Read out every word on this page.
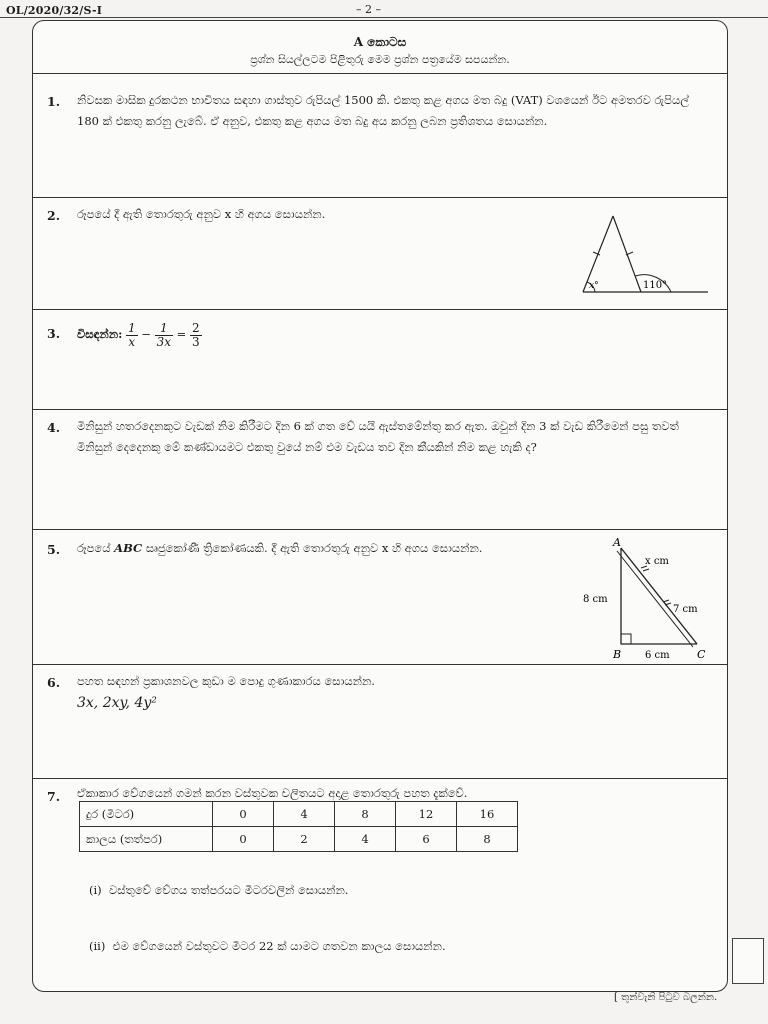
OL/2020/32/S-I	– 2 –
A කොටස
ප්‍රශ්න සියල්ලටම පිළිතුරු මෙම ප්‍රශ්න පත්‍රයේම සපයන්න.
1. නිවසක මාසික දුරකථන භාවිතය සඳහා ගාස්තුව රුපියල් 1500 කි. එකතු කළ අගය මත බදු (VAT) වශයෙන් ඊට අමතරව රුපියල් 180 ක් එකතු කරනු ලැබේ. ඒ අනුව, එකතු කළ අගය මත බදු අය කරනු ලබන ප්‍රතිශතය සොයන්න.
2. රූපයේ දී ඇති තොරතුරු අනුව x හි අගය සොයන්න.
x°	110°
3. විසඳන්න: $\frac{1}{x} - \frac{1}{3x} = \frac{2}{3}$
4. මිනිසුන් හතරදෙනකුට වැඩක් නිම කිරීමට දින 6 ක් ගත වේ යයි ඇස්තමේන්තු කර ඇත. ඔවුන් දින 3 ක් වැඩ කිරීමෙන් පසු තවත් මිනිසුන් දෙදෙනකු මේ කණ්ඩායමට එකතු වුයේ නම් එම වැඩය තව දින කීයකින් නිම කළ හැකි ද?
5. රූපයේ ABC සෘජුකෝණී ත්‍රිකෝණයකි. දී ඇති තොරතුරු අනුව x හි අගය සොයන්න.	A
B	C
8 cm
6 cm
7 cm
x cm
6. පහත සඳහන් ප්‍රකාශනවල කුඩා ම පොදු ගුණාකාරය සොයන්න.
3x, 2xy, 4y²
7. ඒකාකාර වේගයෙන් ගමන් කරන වස්තුවක චලිතයට අදාළ තොරතුරු පහත දැක්වේ.
දුර (මීටර)	0	4	8	12	16
කාලය (තත්පර)	0	2	4	6	8
(i) වස්තුවේ වේගය තත්පරයට මීටරවලින් සොයන්න.
(ii) එම වේගයෙන් වස්තුවට මීටර 22 ක් යාමට ගතවන කාලය සොයන්න.
[ තුන්වැනි පිටුව බලන්න.
